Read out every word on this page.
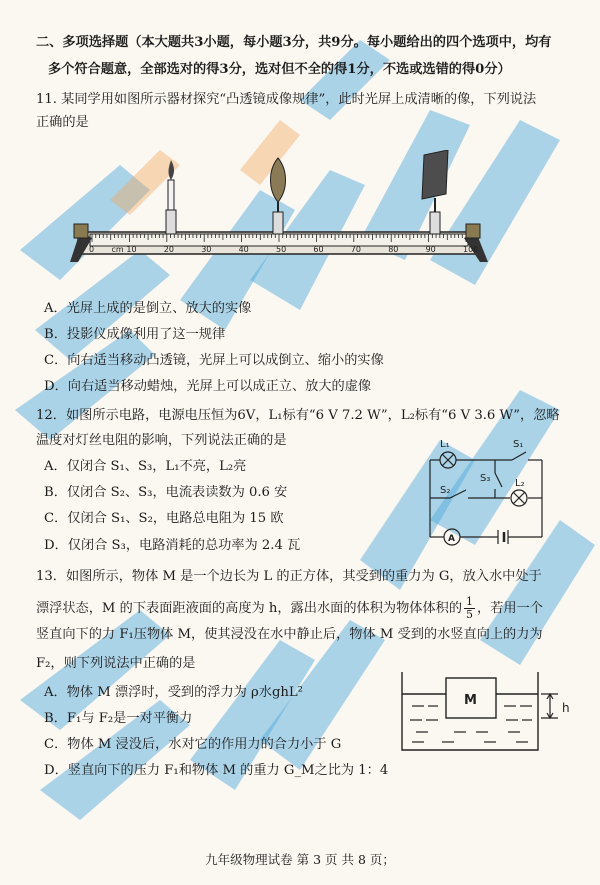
二、多项选择题（本大题共3小题，每小题3分，共9分。每小题给出的四个选项中，均有
多个符合题意，全部选对的得3分，选对但不全的得1分，不选或选错的得0分）
11. 某同学用如图所示器材探究“凸透镜成像规律”，此时光屏上成清晰的像，下列说法
正确的是
0 cm 10	20	30	40	50	60	70	80	90	100
A．光屏上成的是倒立、放大的实像
B．投影仪成像利用了这一规律
C．向右适当移动凸透镜，光屏上可以成倒立、缩小的实像
D．向右适当移动蜡烛，光屏上可以成正立、放大的虚像
12．如图所示电路，电源电压恒为6V，L₁标有“6 V 7.2 W”，L₂标有“6 V 3.6 W”，忽略
温度对灯丝电阻的影响，下列说法正确的是
A．仅闭合 S₁、S₃，L₁不亮，L₂亮
B．仅闭合 S₂、S₃，电流表读数为 0.6 安
C．仅闭合 S₁、S₂，电路总电阻为 15 欧
D．仅闭合 S₃，电路消耗的总功率为 2.4 瓦
L₁	S₁
S₃
S₂
L₂
A
13．如图所示，物体 M 是一个边长为 L 的正方体，其受到的重力为 G，放入水中处于
漂浮状态，M 的下表面距液面的高度为 h，露出水面的体积为物体体积的 $\frac{1}{5}$ ，若用一个
竖直向下的力 F₁压物体 M，使其浸没在水中静止后，物体 M 受到的水竖直向上的力为
F₂，则下列说法中正确的是
A．物体 M 漂浮时，受到的浮力为 ρ水ghL²
B．F₁与 F₂是一对平衡力
C．物体 M 浸没后，水对它的作用力的合力小于 G
D．竖直向下的压力 F₁和物体 M 的重力 G_M之比为 1：4
M	h
九年级物理试卷 第 3 页 共 8 页；
